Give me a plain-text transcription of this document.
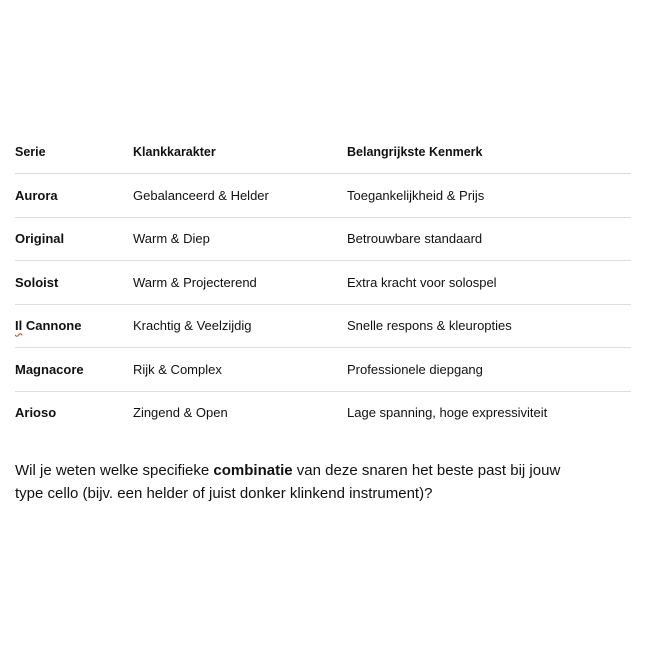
Serie	Klankkarakter	Belangrijkste Kenmerk
Aurora	Gebalanceerd & Helder	Toegankelijkheid & Prijs
Original	Warm & Diep	Betrouwbare standaard
Soloist	Warm & Projecterend	Extra kracht voor solospel
Il Cannone	Krachtig & Veelzijdig	Snelle respons & kleuropties
Magnacore	Rijk & Complex	Professionele diepgang
Arioso	Zingend & Open	Lage spanning, hoge expressiviteit

Wil je weten welke specifieke combinatie van deze snaren het beste past bij jouw type cello (bijv. een helder of juist donker klinkend instrument)?
